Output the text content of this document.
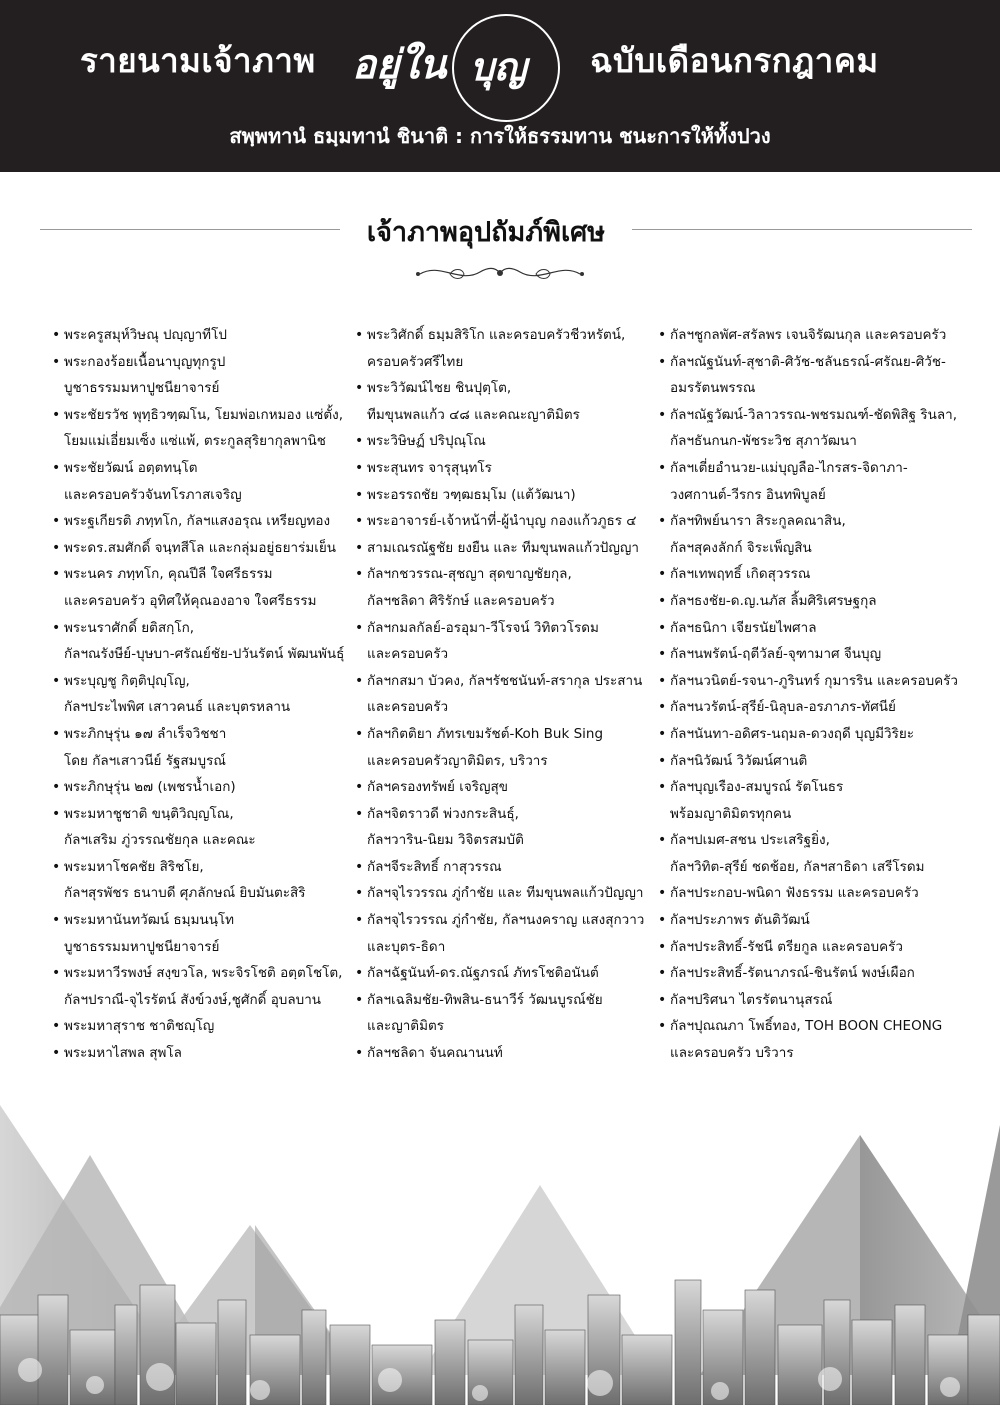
รายนามเจ้าภาพ อยู่ใน บุญ ฉบับเดือนกรกฎาคม
สพฺพทานํ ธมฺมทานํ ชินาติ : การให้ธรรมทาน ชนะการให้ทั้งปวง
เจ้าภาพอุปถัมภ์พิเศษ
• พระครูสมุห์วิษณุ ปญฺญาทีโป
• พระกองร้อยเนื้อนาบุญทุกรูป
บูชาธรรมมหาปูชนียาจารย์
• พระชัยรวัช พุทฺธิวฑฺฒโน, โยมพ่อเกหมอง แซ่ตั้ง,
โยมแม่เอี่ยมเซ็ง แซ่แพ้, ตระกูลสุริยากุลพานิช
• พระชัยวัฒน์ อตฺตทนฺโต
และครอบครัวจันทโรภาสเจริญ
• พระฐเกียรติ ภทฺทโก, กัลฯแสงอรุณ เหรียญทอง
• พระดร.สมศักดิ์ จนฺทสีโล และกลุ่มอยู่ธยาร่มเย็น
• พระนคร ภทฺทโก, คุณปีลี ใจศรีธรรม
และครอบครัว อุทิศให้คุณองอาจ ใจศรีธรรม
• พระนราศักดิ์ ยติสกฺโก,
กัลฯณรังษีย์-บุษบา-ศรัณย์ชัย-ปวันรัตน์ พัฒนพันธุ์
• พระบุญชู กิตฺติปุญฺโญ,
กัลฯประไพพิศ เสาวคนธ์ และบุตรหลาน
• พระภิกษุรุ่น ๑๗ ลำเร็จวิชชา
โดย กัลฯเสาวนีย์ รัฐสมบูรณ์
• พระภิกษุรุ่น ๒๗ (เพชรน้ำเอก)
• พระมหาชูชาติ ขนฺติวิญฺญโณ,
กัลฯเสริม ภู่วรรณชัยกุล และคณะ
• พระมหาโชคชัย สิริชโย,
กัลฯสุรพัชร ธนาบดี ศุภลักษณ์ ยิบมันตะสิริ
• พระมหานันทวัฒน์ ธมฺมนนฺโท
บูชาธรรมมหาปูชนียาจารย์
• พระมหาวีรพงษ์ สงฺขวโล, พระจิรโชติ อตฺตโชโต,
กัลฯปราณี-จุไรรัตน์ สังข์วงษ์,ชูศักดิ์ อุบลบาน
• พระมหาสุราช ชาติชญฺโญ
• พระมหาไสพล สุพโล
• พระวิศักดิ์ ธมฺมสิริโก และครอบครัวชีวหรัตน์,
ครอบครัวศรีไทย
• พระวิวัฒน์ไชย ชินปุตฺโต,
ทีมขุนพลแก้ว ๔๘ และคณะญาติมิตร
• พระวิษิษฏ์ ปริปุณฺโณ
• พระสุนทร จารุสุนฺทโร
• พระอรรถชัย วฑฺฒธมฺโม (แต้วัฒนา)
• พระอาจารย์-เจ้าหน้าที่-ผู้นำบุญ กองแก้วภูธร ๔
• สามเณรณัฐชัย ยงยืน และ ทีมขุนพลแก้วปัญญา
• กัลฯกชวรรณ-สุชญา สุดขาญชัยกุล,
กัลฯชลิดา ศิริรักษ์ และครอบครัว
• กัลฯกมลกัลย์-อรอุมา-วีโรจน์ วิทิตวโรดม
และครอบครัว
• กัลฯกสมา บัวคง, กัลฯรัชชนันท์-สรากุล ประสาน
และครอบครัว
• กัลฯกิตติยา ภัทรเขมรัชต์-Koh Buk Sing
และครอบครัวญาติมิตร, บริวาร
• กัลฯครองทรัพย์ เจริญสุข
• กัลฯจิตราวดี พ่วงกระสินธุ์,
กัลฯวาริน-นิยม วิจิตรสมบัติ
• กัลฯจีระสิทธิ์ กาสุวรรณ
• กัลฯจุไรวรรณ ภู่กำชัย และ ทีมขุนพลแก้วปัญญา
• กัลฯจุไรวรรณ ภู่กำชัย, กัลฯนงคราญ แสงสุกวาว
และบุตร-ธิดา
• กัลฯฉัฐนันท์-ดร.ณัฐภรณ์ ภัทรโชติอนันต์
• กัลฯเฉลิมชัย-ทิพสิน-ธนาวีร์ วัฒนบูรณ์ชัย
และญาติมิตร
• กัลฯชลิดา จันคณานนท์
• กัลฯชูกลพัศ-สรัลพร เจนจิรัฒนกุล และครอบครัว
• กัลฯณัฐนันท์-สุชาติ-ศิวัช-ชลันธรณ์-ศรัณย-ศิวัช-
อมรรัตนพรรณ
• กัลฯณัฐวัฒน์-วิลาวรรณ-พชรมณฑ์-ชัดพิสิฐ รินลา,
กัลฯธันกนก-พัชระวิช สุภาวัฒนา
• กัลฯเตี่ยอำนวย-แม่บุญลือ-ไกรสร-จิดาภา-
วงศกานต์-วีรกร อินทพิบูลย์
• กัลฯทิพย์นารา สิระกูลคณาสิน,
กัลฯสุคงลักก์ จิระเพ็ญสิน
• กัลฯเทพฤทธิ์ เกิดสุวรรณ
• กัลฯธงชัย-ด.ญ.นภัส ลิ้มศิริเศรษฐกุล
• กัลฯธนิกา เจียรนัยไพศาล
• กัลฯนพรัตน์-ฤตีวัลย์-จุฑามาศ จีนบุญ
• กัลฯนวนิตย์-รจนา-ภูรินทร์ กุมารริน และครอบครัว
• กัลฯนวรัตน์-สุรีย์-นิลุบล-อรภาภร-ทัศนีย์
• กัลฯนันทา-อดิศร-นฤมล-ดวงฤดี บุญมีวิริยะ
• กัลฯนิวัฒน์ วิวัฒน์ศานติ
• กัลฯบุญเรือง-สมบูรณ์ รัตโนธร
พร้อมญาติมิตรทุกคน
• กัลฯปเมศ-สชน ประเสริฐยิ่ง,
กัลฯวิทิต-สุรีย์ ชดช้อย, กัลฯสาธิดา เสรีโรดม
• กัลฯประกอบ-พนิดา ฟังธรรม และครอบครัว
• กัลฯประภาพร ตันติวัฒน์
• กัลฯประสิทธิ์-รัชนี ตรียกูล และครอบครัว
• กัลฯประสิทธิ์-รัตนาภรณ์-ชินรัตน์ พงษ์เผือก
• กัลฯปริศนา ไตรรัตนานุสรณ์
• กัลฯปุณณภา โพธิ์ทอง, TOH BOON CHEONG
และครอบครัว บริวาร
